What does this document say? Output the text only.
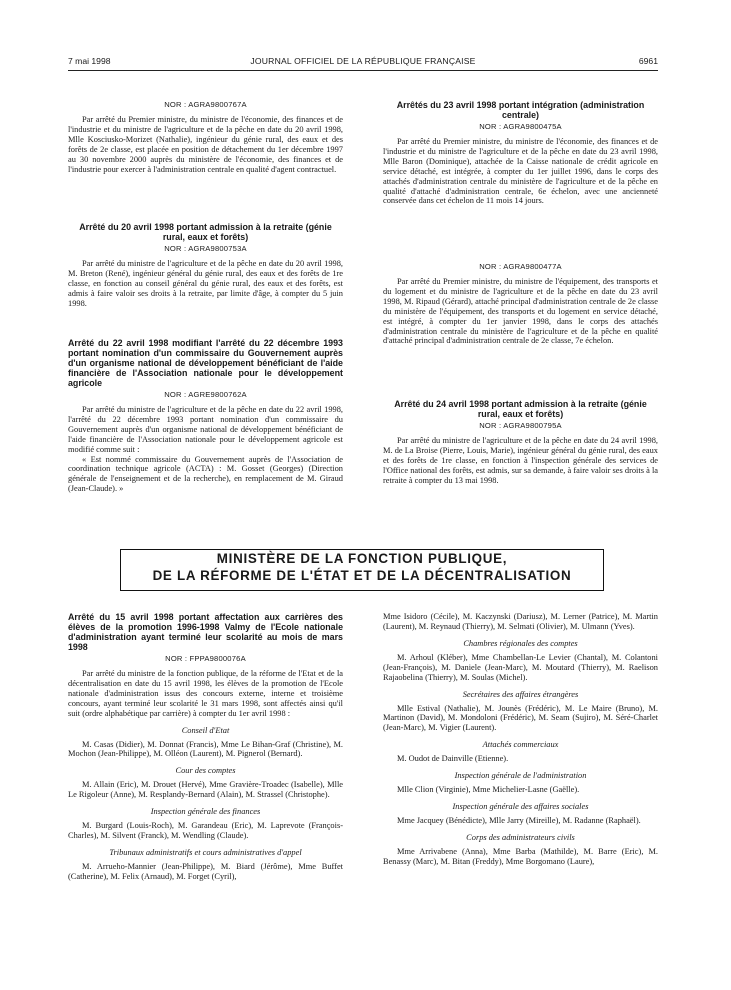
7 mai 1998	JOURNAL OFFICIEL DE LA RÉPUBLIQUE FRANÇAISE	6961
NOR : AGRA9800767A

Par arrêté du Premier ministre, du ministre de l'économie, des finances et de l'industrie et du ministre de l'agriculture et de la pêche en date du 20 avril 1998, Mlle Kosciusko-Morizet (Nathalie), ingénieur du génie rural, des eaux et des forêts de 2e classe, est placée en position de détachement du 1er décembre 1997 au 30 novembre 2000 auprès du ministère de l'économie, des finances et de l'industrie pour exercer à l'administration centrale en qualité d'agent contractuel.

Arrêté du 20 avril 1998 portant admission à la retraite (génie rural, eaux et forêts)

NOR : AGRA9800753A

Par arrêté du ministre de l'agriculture et de la pêche en date du 20 avril 1998, M. Breton (René), ingénieur général du génie rural, des eaux et des forêts de 1re classe, en fonction au conseil général du génie rural, des eaux et des forêts, est admis à faire valoir ses droits à la retraite, par limite d'âge, à compter du 5 juin 1998.

Arrêté du 22 avril 1998 modifiant l'arrêté du 22 décembre 1993 portant nomination d'un commissaire du Gouvernement auprès d'un organisme national de développement bénéficiant de l'aide financière de l'Association nationale pour le développement agricole

NOR : AGRE9800762A

Par arrêté du ministre de l'agriculture et de la pêche en date du 22 avril 1998, l'arrêté du 22 décembre 1993 portant nomination d'un commissaire du Gouvernement auprès d'un organisme national de développement bénéficiant de l'aide financière de l'Association nationale pour le développement agricole est modifié comme suit :

« Est nommé commissaire du Gouvernement auprès de l'Association de coordination technique agricole (ACTA) : M. Gosset (Georges) (Direction générale de l'enseignement et de la recherche), en remplacement de M. Giraud (Jean-Claude). »

Arrêtés du 23 avril 1998 portant intégration (administration centrale)

NOR : AGRA9800475A

Par arrêté du Premier ministre, du ministre de l'économie, des finances et de l'industrie et du ministre de l'agriculture et de la pêche en date du 23 avril 1998, Mlle Baron (Dominique), attachée de la Caisse nationale de crédit agricole en service détaché, est intégrée, à compter du 1er juillet 1996, dans le corps des attachés d'administration centrale du ministère de l'agriculture et de la pêche en qualité d'attaché d'administration centrale, 6e échelon, avec une ancienneté conservée dans cet échelon de 11 mois 14 jours.

NOR : AGRA9800477A

Par arrêté du Premier ministre, du ministre de l'équipement, des transports et du logement et du ministre de l'agriculture et de la pêche en date du 23 avril 1998, M. Ripaud (Gérard), attaché principal d'administration centrale de 2e classe du ministère de l'équipement, des transports et du logement en service détaché, est intégré, à compter du 1er janvier 1998, dans le corps des attachés d'administration centrale du ministère de l'agriculture et de la pêche en qualité d'attaché principal d'administration centrale de 2e classe, 7e échelon.

Arrêté du 24 avril 1998 portant admission à la retraite (génie rural, eaux et forêts)

NOR : AGRA9800795A

Par arrêté du ministre de l'agriculture et de la pêche en date du 24 avril 1998, M. de La Broise (Pierre, Louis, Marie), ingénieur général du génie rural, des eaux et des forêts de 1re classe, en fonction à l'inspection générale des services de l'Office national des forêts, est admis, sur sa demande, à faire valoir ses droits à la retraite à compter du 13 mai 1998.

MINISTÈRE DE LA FONCTION PUBLIQUE,
DE LA RÉFORME DE L'ÉTAT ET DE LA DÉCENTRALISATION

Arrêté du 15 avril 1998 portant affectation aux carrières des élèves de la promotion 1996-1998 Valmy de l'Ecole nationale d'administration ayant terminé leur scolarité au mois de mars 1998

NOR : FPPA9800076A

Par arrêté du ministre de la fonction publique, de la réforme de l'Etat et de la décentralisation en date du 15 avril 1998, les élèves de la promotion de l'Ecole nationale d'administration issus des concours externe, interne et troisième concours, ayant terminé leur scolarité le 31 mars 1998, sont affectés ainsi qu'il suit (ordre alphabétique par carrière) à compter du 1er avril 1998 :

Conseil d'Etat

M. Casas (Didier), M. Donnat (Francis), Mme Le Bihan-Graf (Christine), M. Mochon (Jean-Philippe), M. Olléon (Laurent), M. Pignerol (Bernard).

Cour des comptes

M. Allain (Eric), M. Drouet (Hervé), Mme Gravière-Troadec (Isabelle), Mlle Le Rigoleur (Anne), M. Resplandy-Bernard (Alain), M. Strassel (Christophe).

Inspection générale des finances

M. Burgard (Louis-Roch), M. Garandeau (Eric), M. Laprevote (François-Charles), M. Silvent (Franck), M. Wendling (Claude).

Tribunaux administratifs et cours administratives d'appel

M. Arrueho-Mannier (Jean-Philippe), M. Biard (Jérôme), Mme Buffet (Catherine), M. Felix (Arnaud), M. Forget (Cyril),

Mme Isidoro (Cécile), M. Kaczynski (Dariusz), M. Lerner (Patrice), M. Martin (Laurent), M. Reynaud (Thierry), M. Selmati (Olivier), M. Ulmann (Yves).

Chambres régionales des comptes

M. Arhoul (Kléber), Mme Chambellan-Le Levier (Chantal), M. Colantoni (Jean-François), M. Daniele (Jean-Marc), M. Moutard (Thierry), M. Raelison Rajaobelina (Thierry), M. Soulas (Michel).

Secrétaires des affaires étrangères

Mlle Estival (Nathalie), M. Jounès (Frédéric), M. Le Maire (Bruno), M. Martinon (David), M. Mondoloni (Frédéric), M. Seam (Sujiro), M. Séré-Charlet (Jean-Marc), M. Vigier (Laurent).

Attachés commerciaux

M. Oudot de Dainville (Etienne).

Inspection générale de l'administration

Mlle Clion (Virginie), Mme Michelier-Lasne (Gaëlle).

Inspection générale des affaires sociales

Mme Jacquey (Bénédicte), Mlle Jarry (Mireille), M. Radanne (Raphaël).

Corps des administrateurs civils

Mme Arrivabene (Anna), Mme Barba (Mathilde), M. Barre (Eric), M. Benassy (Marc), M. Bitan (Freddy), Mme Borgomano (Laure),
